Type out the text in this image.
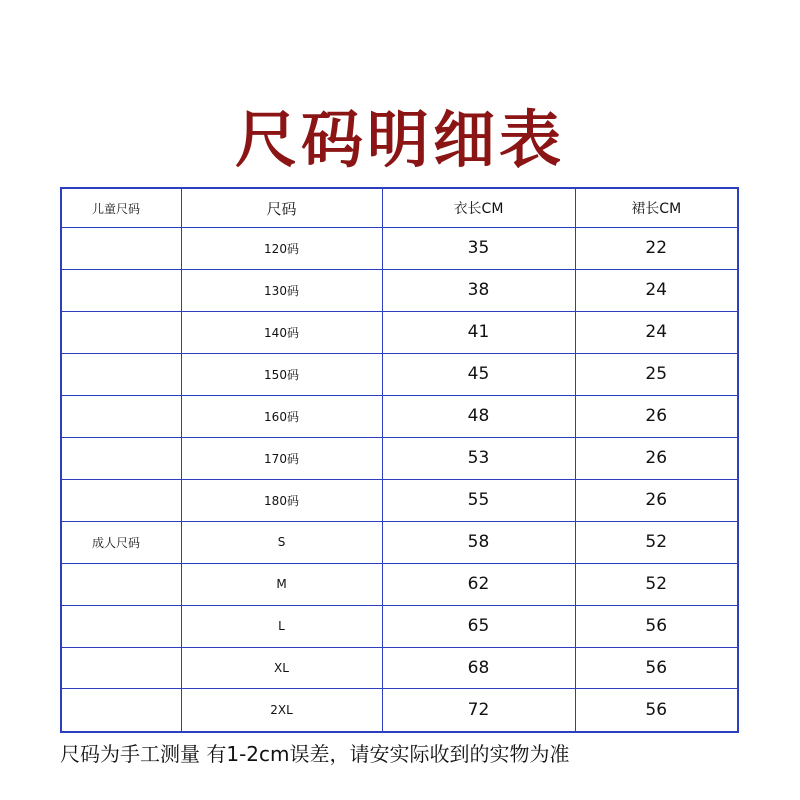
尺码明细表
儿童尺码	尺码	衣长CM	裙长CM
	120码	35	22
	130码	38	24
	140码	41	24
	150码	45	25
	160码	48	26
	170码	53	26
	180码	55	26
成人尺码	S	58	52
	M	62	52
	L	65	56
	XL	68	56
	2XL	72	56
尺码为手工测量 有1-2cm误差，请安实际收到的实物为准
